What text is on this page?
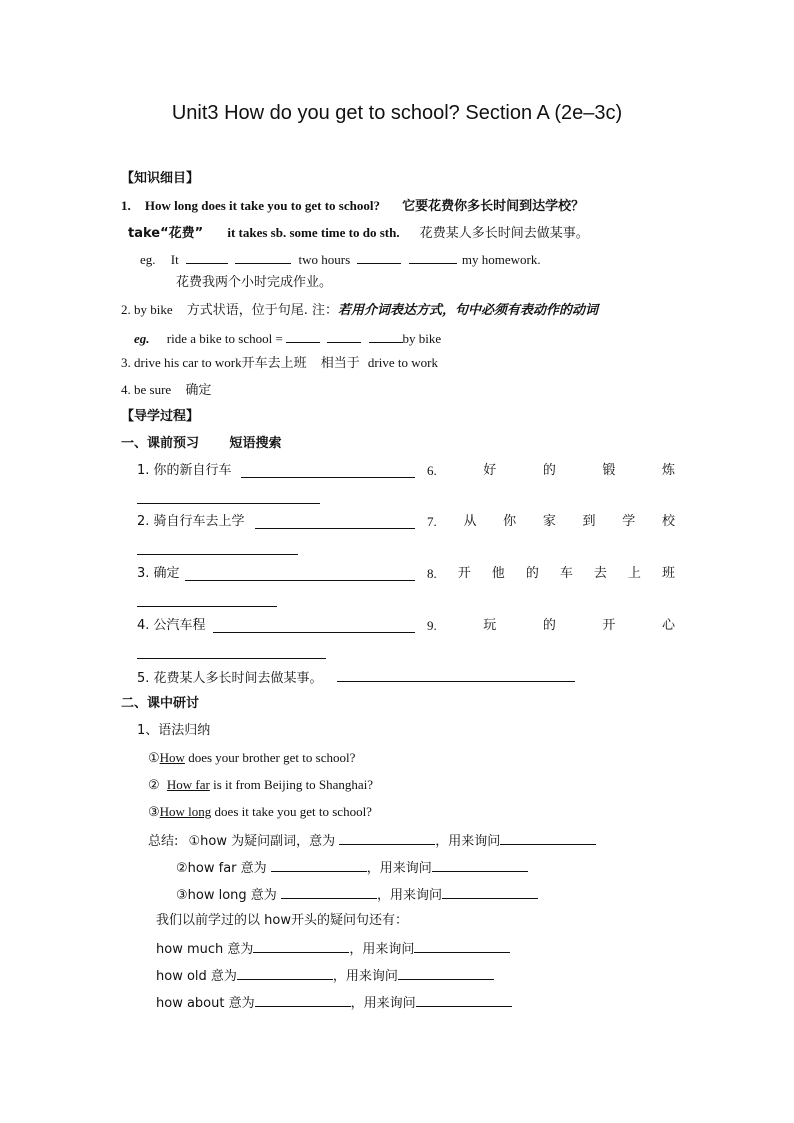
Unit3 How do you get to school? Section A (2e–3c)
【知识细目】
1. How long does it take you to get to school? 它要花费你多长时间到达学校？
take“花费” it takes sb. some time to do sth. 花费某人多长时间去做某事。
eg. It	two hours	my homework.
花费我两个小时完成作业。
2. by bike 方式状语，位于句尾. 注：若用介词表达方式，句中必须有表动作的动词
eg. ride a bike to school =	by bike
3. drive his car to work开车去上班 相当于 drive to work
4. be sure 确定
【导学过程】
一、课前预习 短语搜索
1. 你的新自行车	6.	好	的	锻	炼
2. 骑自行车去上学	7. 从 你 家 到 学 校
3. 确定	8. 开 他 的 车 去 上 班
4. 公汽车程	9.	玩	的	开	心
5. 花费某人多长时间去做某事。
二、课中研讨
1、语法归纳
①How does your brother get to school?
② How far is it from Beijing to Shanghai?
③How long does it take you get to school?
总结: ①how 为疑问副词，意为	，用来询问
②how far 意为	，用来询问
③how long 意为	，用来询问
我们以前学过的以 how开头的疑问句还有：
how much 意为	，用来询问
how old 意为	，用来询问
how about 意为	，用来询问
